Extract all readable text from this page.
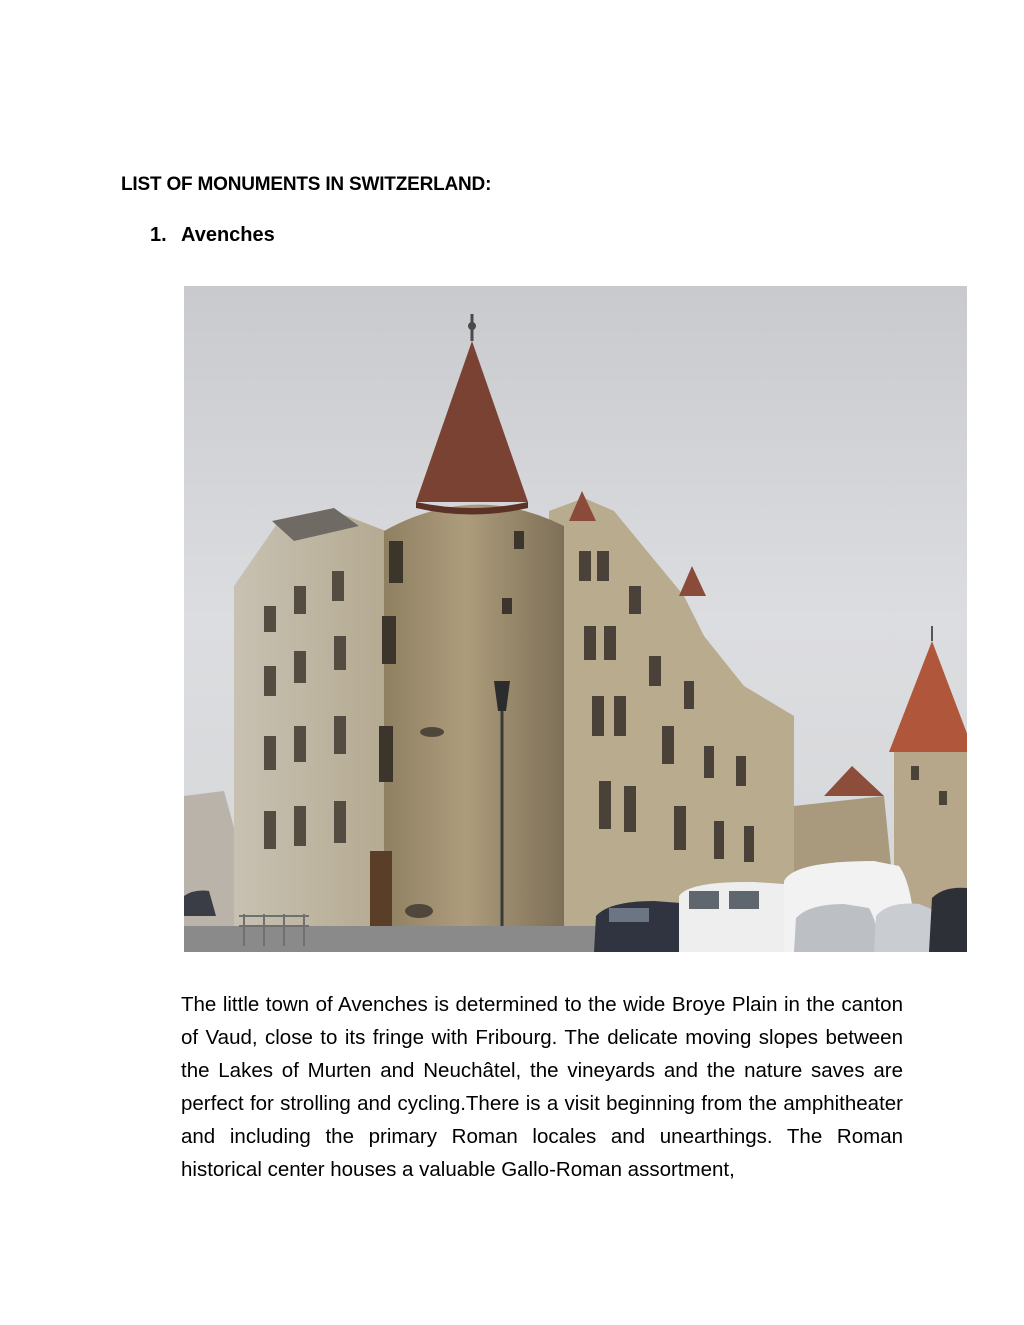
LIST OF MONUMENTS IN SWITZERLAND:
1. Avenches
The little town of Avenches is determined to the wide Broye Plain in the canton of Vaud, close to its fringe with Fribourg. The delicate moving slopes between the Lakes of Murten and Neuchâtel, the vineyards and the nature saves are perfect for strolling and cycling.There is a visit beginning from the amphitheater and including the primary Roman locales and unearthings. The Roman historical center houses a valuable Gallo-Roman assortment,
